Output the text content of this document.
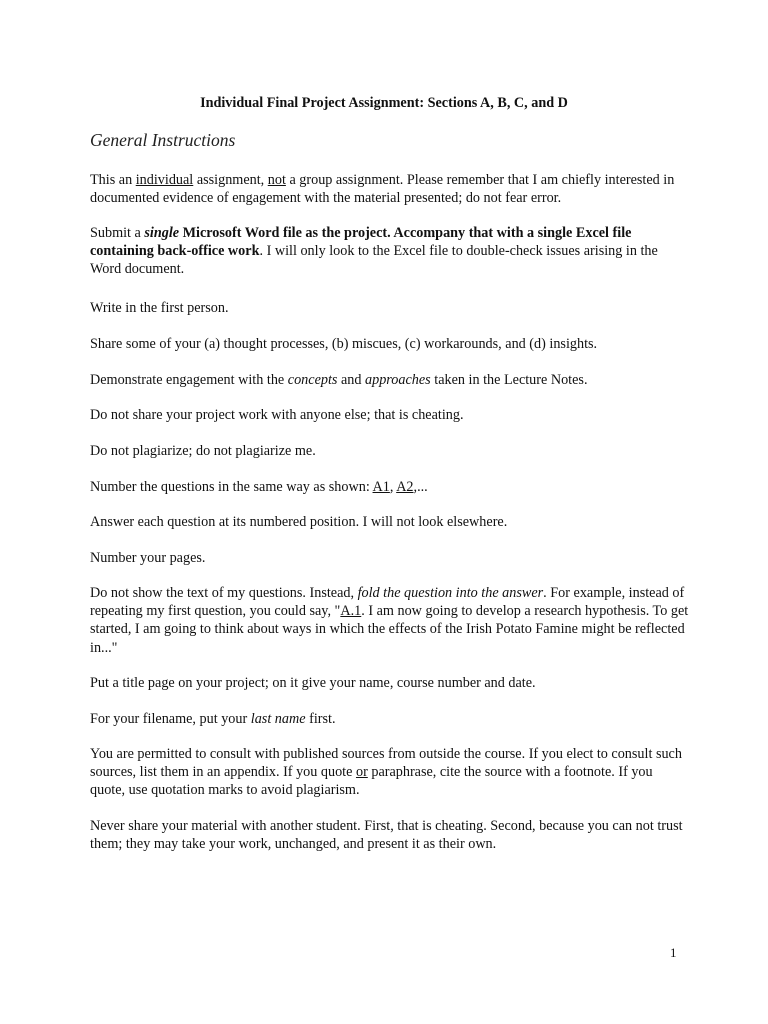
Individual Final Project Assignment: Sections A, B, C, and D
General Instructions

This an individual assignment, not a group assignment. Please remember that I am chiefly interested in documented evidence of engagement with the material presented; do not fear error.

Submit a single Microsoft Word file as the project. Accompany that with a single Excel file containing back-office work. I will only look to the Excel file to double-check issues arising in the Word document.

Write in the first person.

Share some of your (a) thought processes, (b) miscues, (c) workarounds, and (d) insights.

Demonstrate engagement with the concepts and approaches taken in the Lecture Notes.

Do not share your project work with anyone else; that is cheating.

Do not plagiarize; do not plagiarize me.

Number the questions in the same way as shown: A1, A2,...

Answer each question at its numbered position. I will not look elsewhere.

Number your pages.

Do not show the text of my questions. Instead, fold the question into the answer. For example, instead of repeating my first question, you could say, "A.1. I am now going to develop a research hypothesis. To get started, I am going to think about ways in which the effects of the Irish Potato Famine might be reflected in..."

Put a title page on your project; on it give your name, course number and date.

For your filename, put your last name first.

You are permitted to consult with published sources from outside the course. If you elect to consult such sources, list them in an appendix. If you quote or paraphrase, cite the source with a footnote. If you quote, use quotation marks to avoid plagiarism.

Never share your material with another student. First, that is cheating. Second, because you can not trust them; they may take your work, unchanged, and present it as their own.

1
